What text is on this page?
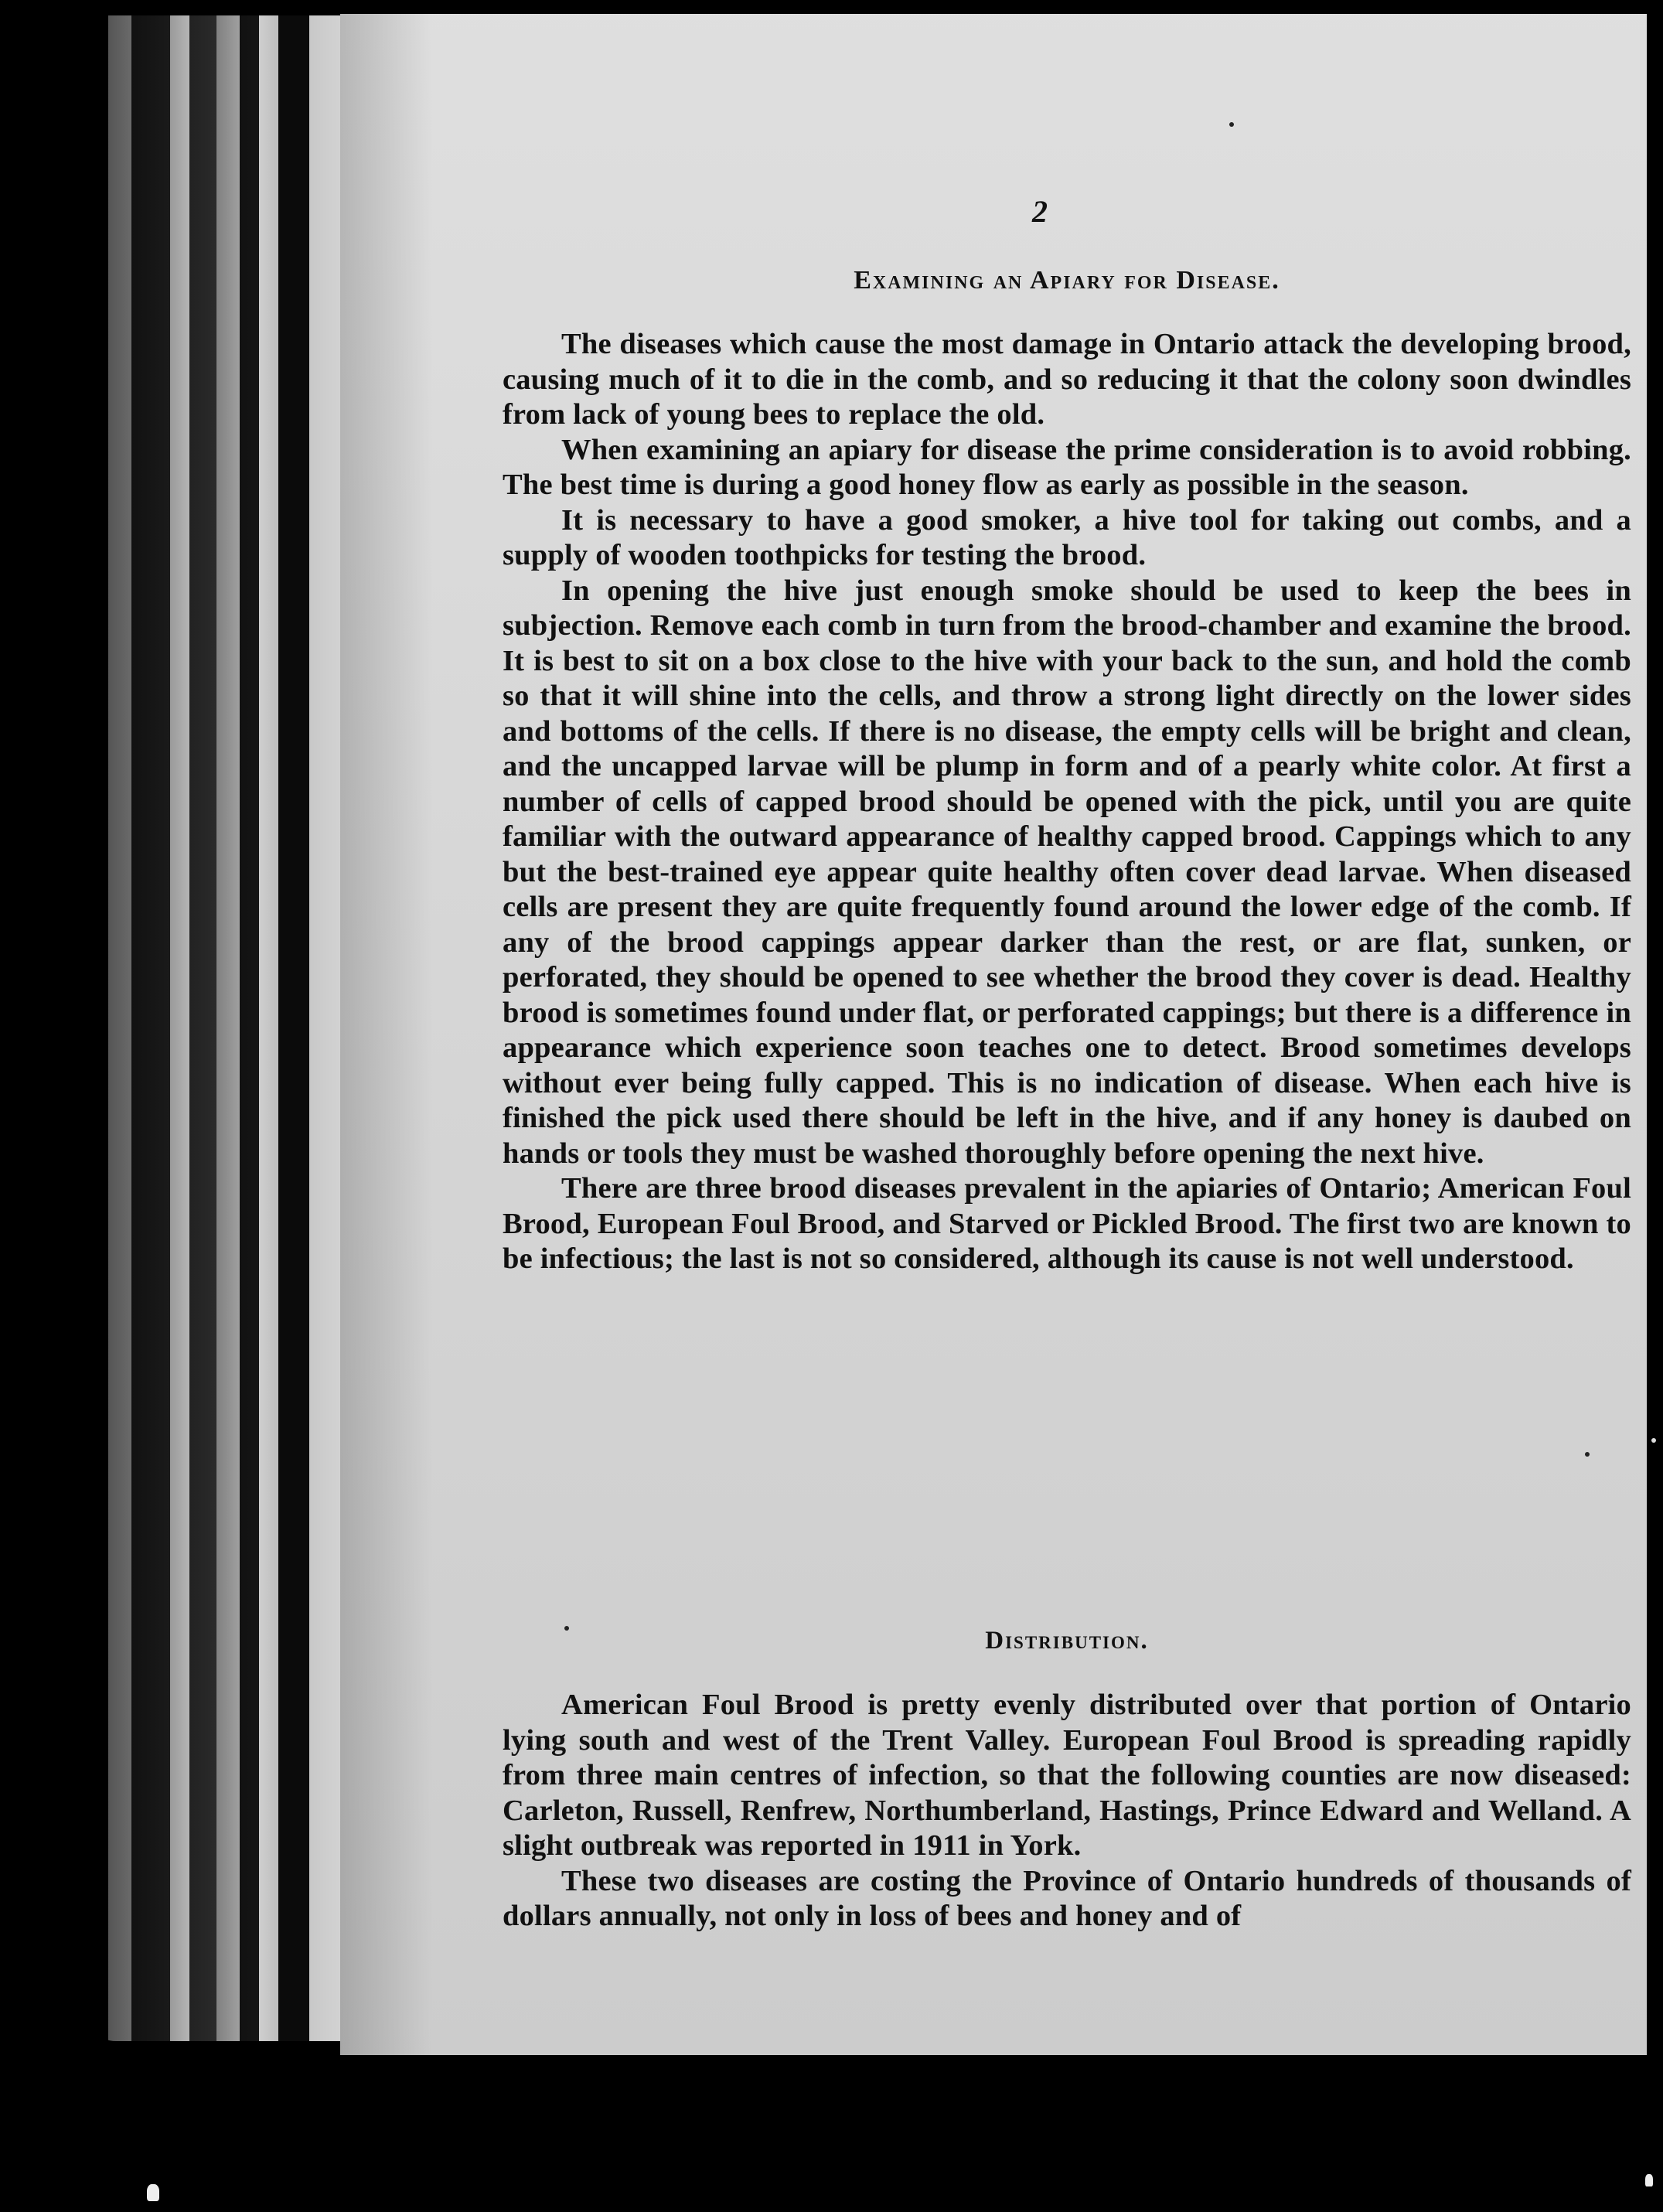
2
Examining an Apiary for Disease.

The diseases which cause the most damage in Ontario attack the developing brood, causing much of it to die in the comb, and so reducing it that the colony soon dwindles from lack of young bees to replace the old.

When examining an apiary for disease the prime consideration is to avoid robbing. The best time is during a good honey flow as early as possible in the season.

It is necessary to have a good smoker, a hive tool for taking out combs, and a supply of wooden toothpicks for testing the brood.

In opening the hive just enough smoke should be used to keep the bees in subjection. Remove each comb in turn from the brood-chamber and examine the brood. It is best to sit on a box close to the hive with your back to the sun, and hold the comb so that it will shine into the cells, and throw a strong light directly on the lower sides and bottoms of the cells. If there is no disease, the empty cells will be bright and clean, and the uncapped larvae will be plump in form and of a pearly white color. At first a number of cells of capped brood should be opened with the pick, until you are quite familiar with the outward appearance of healthy capped brood. Cappings which to any but the best-trained eye appear quite healthy often cover dead larvae. When diseased cells are present they are quite frequently found around the lower edge of the comb. If any of the brood cappings appear darker than the rest, or are flat, sunken, or perforated, they should be opened to see whether the brood they cover is dead. Healthy brood is sometimes found under flat, or perforated cappings; but there is a difference in appearance which experience soon teaches one to detect. Brood sometimes develops without ever being fully capped. This is no indication of disease. When each hive is finished the pick used there should be left in the hive, and if any honey is daubed on hands or tools they must be washed thoroughly before opening the next hive.

There are three brood diseases prevalent in the apiaries of Ontario; American Foul Brood, European Foul Brood, and Starved or Pickled Brood. The first two are known to be infectious; the last is not so considered, although its cause is not well understood.

Distribution.

American Foul Brood is pretty evenly distributed over that portion of Ontario lying south and west of the Trent Valley. European Foul Brood is spreading rapidly from three main centres of infection, so that the following counties are now diseased: Carleton, Russell, Renfrew, Northumberland, Hastings, Prince Edward and Welland. A slight outbreak was reported in 1911 in York.

These two diseases are costing the Province of Ontario hundreds of thousands of dollars annually, not only in loss of bees and honey and of
